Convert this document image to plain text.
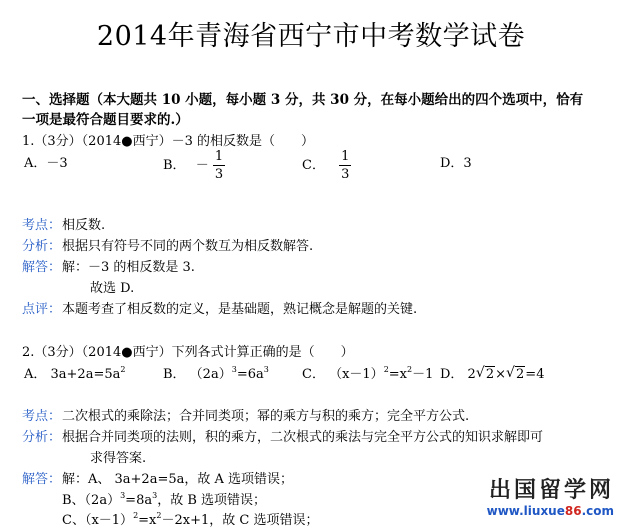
2014年青海省西宁市中考数学试卷
一、选择题（本大题共 10 小题，每小题 3 分，共 30 分，在每小题给出的四个选项中，恰有
一项是最符合题目要求的.）
1.（3分）（2014●西宁）－3 的相反数是（　　）
A．－3	B． － $\frac{1}{3}$	C． $\frac{1}{3}$	D．3
考点： 相反数.
分析： 根据只有符号不同的两个数互为相反数解答.
解答： 解：－3 的相反数是 3.
故选 D.
点评： 本题考查了相反数的定义，是基础题，熟记概念是解题的关键.
2.（3分）（2014●西宁）下列各式计算正确的是（　　）
A． $3a+2a=5a^2$	B． $(2a)^3=6a^3$	C． $(x-1)^2=x^2-1$ D． 2 √ 2× √ 2=4
考点： 二次根式的乘除法；合并同类项；幂的乘方与积的乘方；完全平方公式.
分析： 根据合并同类项的法则，积的乘方，二次根式的乘法与完全平方公式的知识求解即可
求得答案.
解答： 解：A、 3a+2a=5a，故 A 选项错误；
B、$(2a)^3=8a^3$，故 B 选项错误；
C、$(x-1)^2=x^2-2x+1$，故 C 选项错误；
出国留学网
www.liuxue86.com
